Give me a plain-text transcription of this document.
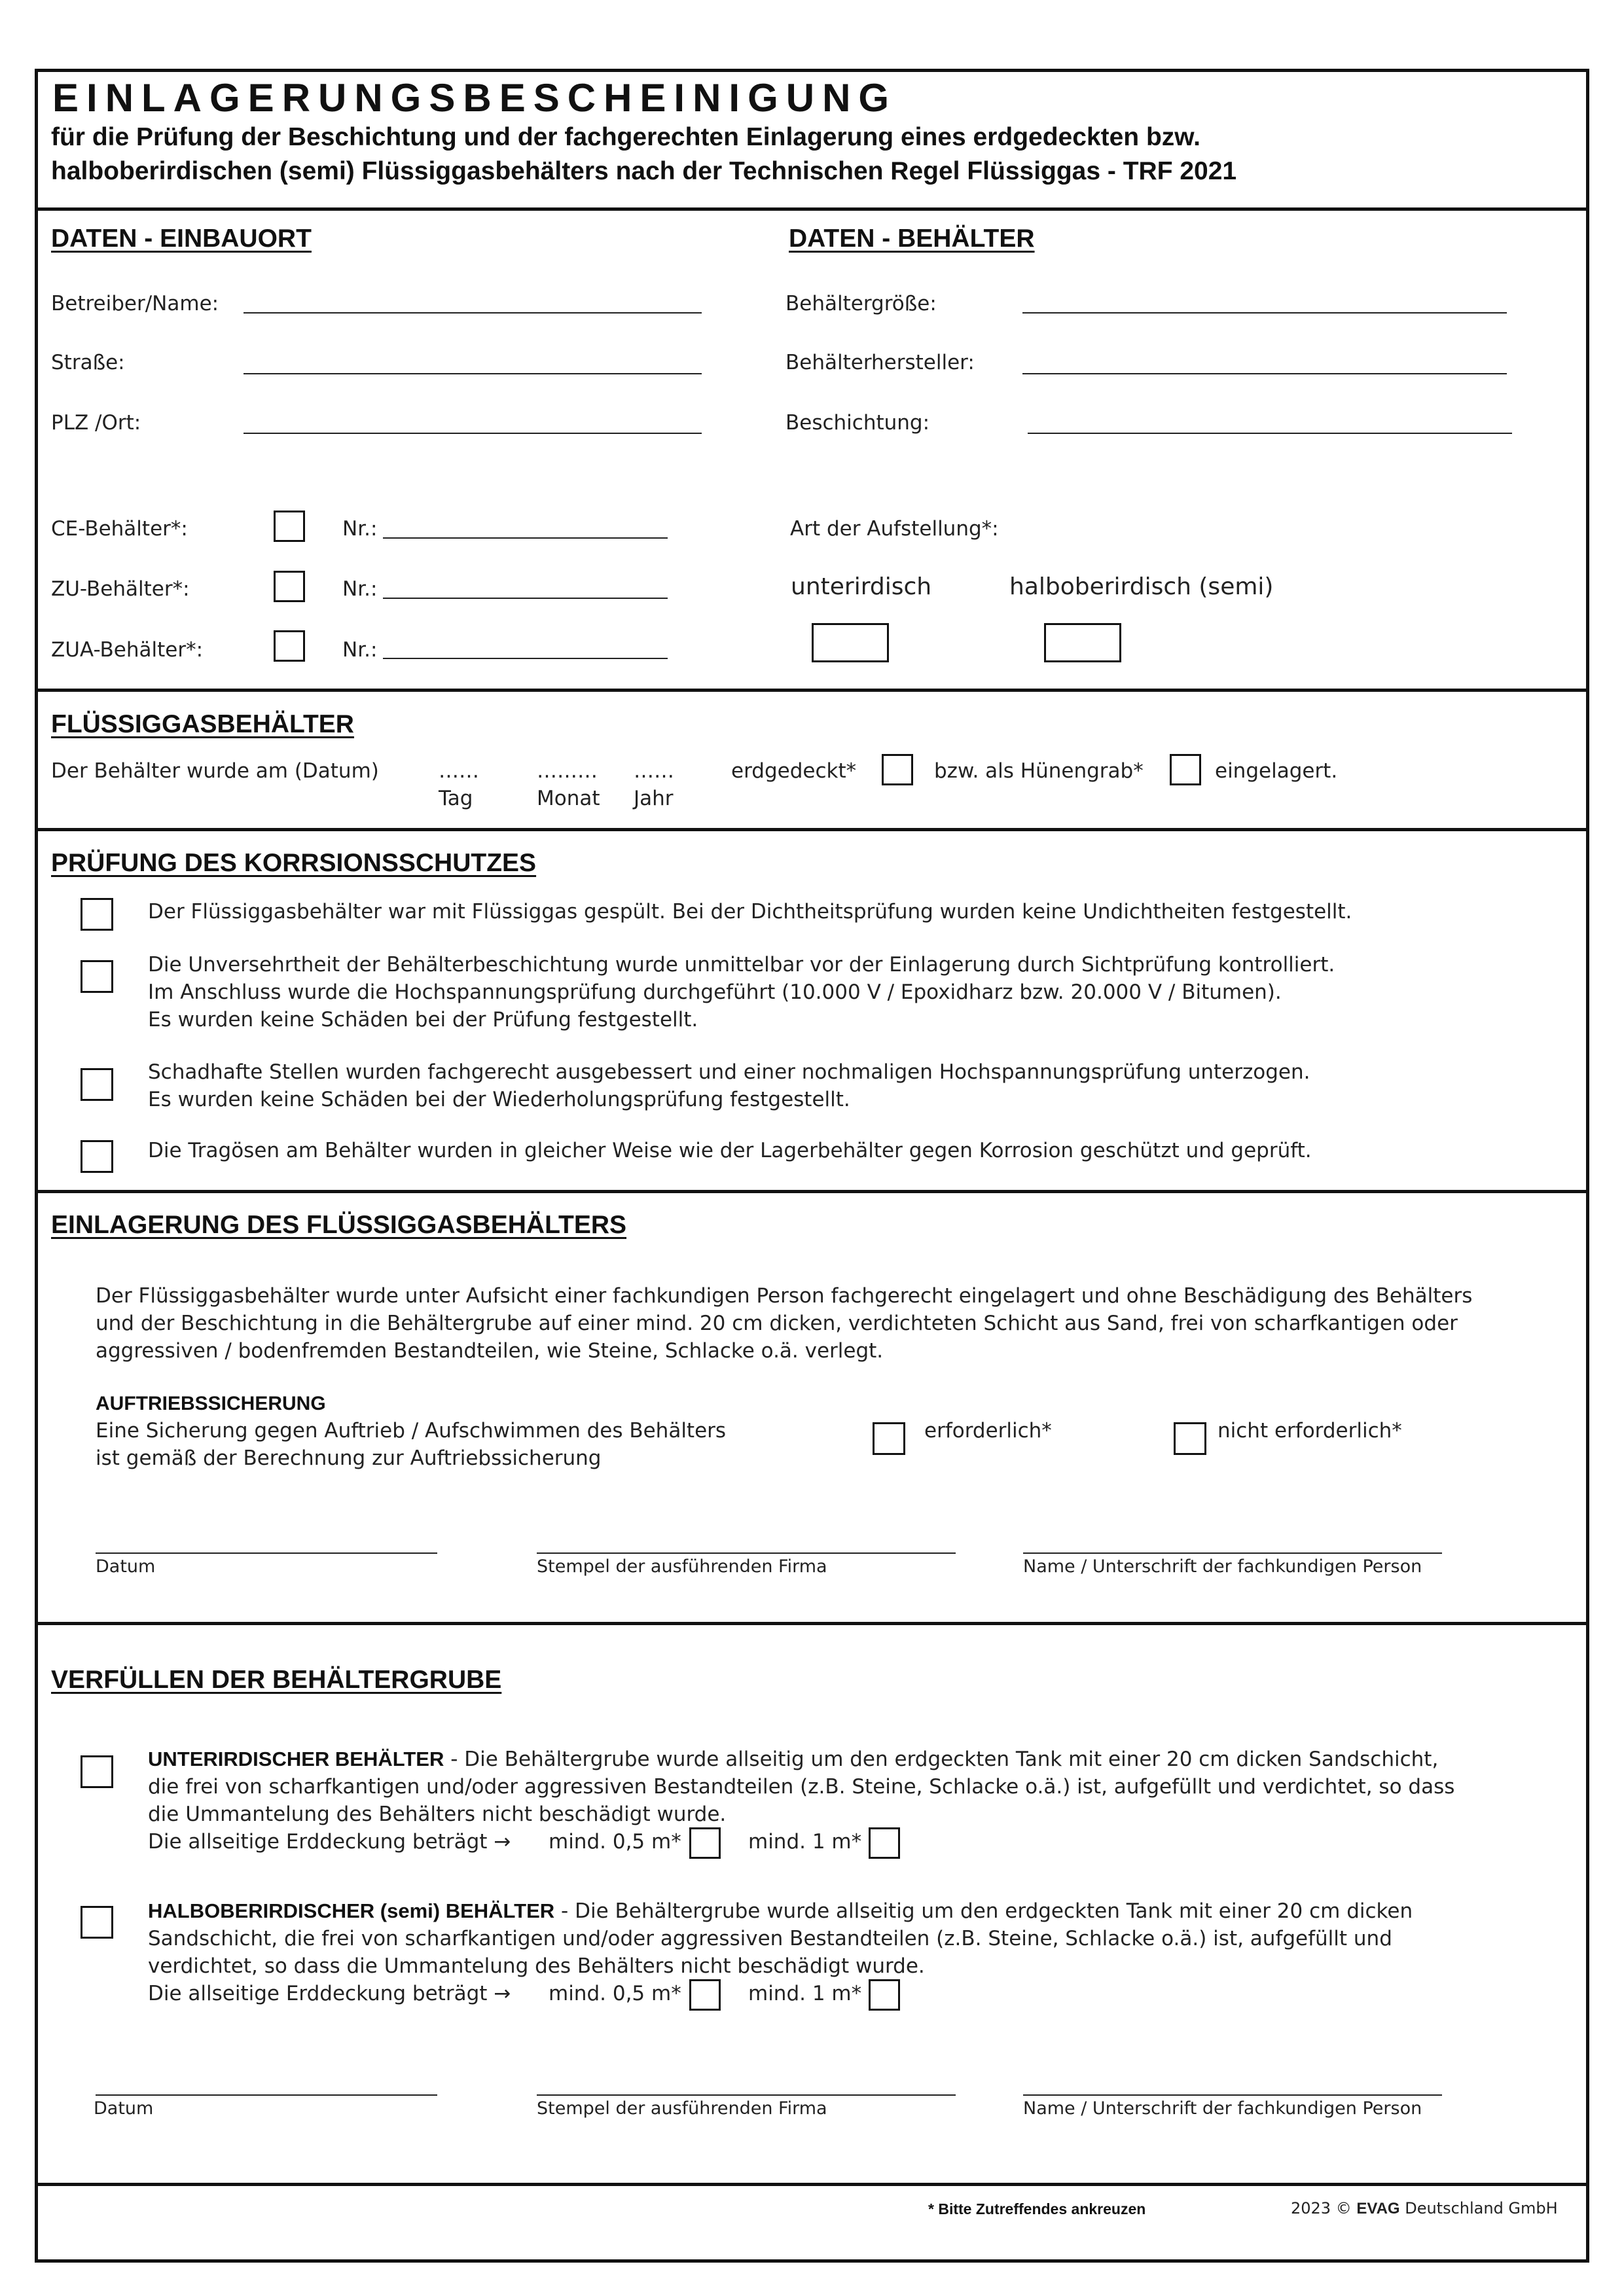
EINLAGERUNGSBESCHEINIGUNG
für die Prüfung der Beschichtung und der fachgerechten Einlagerung eines erdgedeckten bzw.
halboberirdischen (semi) Flüssiggasbehälters nach der Technischen Regel Flüssiggas - TRF 2021
DATEN - EINBAUORT
Betreiber/Name:
Straße:
PLZ /Ort:
DATEN - BEHÄLTER
Behältergröße:
Behälterhersteller:
Beschichtung:
CE-Behälter*:	Nr.:
ZU-Behälter*:	Nr.:
ZUA-Behälter*:	Nr.:
Art der Aufstellung*:
unterirdisch	halboberirdisch (semi)
FLÜSSIGGASBEHÄLTER
Der Behälter wurde am (Datum)	……	……… ……
Tag	Monat Jahr
erdgedeckt*	bzw. als Hünengrab*	eingelagert.
PRÜFUNG DES KORRSIONSSCHUTZES
Der Flüssiggasbehälter war mit Flüssiggas gespült. Bei der Dichtheitsprüfung wurden keine Undichtheiten festgestellt.
Die Unversehrtheit der Behälterbeschichtung wurde unmittelbar vor der Einlagerung durch Sichtprüfung kontrolliert.
Im Anschluss wurde die Hochspannungsprüfung durchgeführt (10.000 V / Epoxidharz bzw. 20.000 V / Bitumen).
Es wurden keine Schäden bei der Prüfung festgestellt.
Schadhafte Stellen wurden fachgerecht ausgebessert und einer nochmaligen Hochspannungsprüfung unterzogen.
Es wurden keine Schäden bei der Wiederholungsprüfung festgestellt.
Die Tragösen am Behälter wurden in gleicher Weise wie der Lagerbehälter gegen Korrosion geschützt und geprüft.
EINLAGERUNG DES FLÜSSIGGASBEHÄLTERS
Der Flüssiggasbehälter wurde unter Aufsicht einer fachkundigen Person fachgerecht eingelagert und ohne Beschädigung des Behälters
und der Beschichtung in die Behältergrube auf einer mind. 20 cm dicken, verdichteten Schicht aus Sand, frei von scharfkantigen oder
aggressiven / bodenfremden Bestandteilen, wie Steine, Schlacke o.ä. verlegt.
AUFTRIEBSSICHERUNG
Eine Sicherung gegen Auftrieb / Aufschwimmen des Behälters
ist gemäß der Berechnung zur Auftriebssicherung
erforderlich*	nicht erforderlich*
Datum	Stempel der ausführenden Firma	Name / Unterschrift der fachkundigen Person
VERFÜLLEN DER BEHÄLTERGRUBE
UNTERIRDISCHER BEHÄLTER - Die Behältergrube wurde allseitig um den erdgeckten Tank mit einer 20 cm dicken Sandschicht,
die frei von scharfkantigen und/oder aggressiven Bestandteilen (z.B. Steine, Schlacke o.ä.) ist, aufgefüllt und verdichtet, so dass
die Ummantelung des Behälters nicht beschädigt wurde.
Die allseitige Erddeckung beträgt → mind. 0,5 m*	mind. 1 m*
HALBOBERIRDISCHER (semi) BEHÄLTER - Die Behältergrube wurde allseitig um den erdgeckten Tank mit einer 20 cm dicken
Sandschicht, die frei von scharfkantigen und/oder aggressiven Bestandteilen (z.B. Steine, Schlacke o.ä.) ist, aufgefüllt und
verdichtet, so dass die Ummantelung des Behälters nicht beschädigt wurde.
Die allseitige Erddeckung beträgt → mind. 0,5 m*	mind. 1 m*
Datum	Stempel der ausführenden Firma	Name / Unterschrift der fachkundigen Person
* Bitte Zutreffendes ankreuzen	2023 © EVAG Deutschland GmbH
